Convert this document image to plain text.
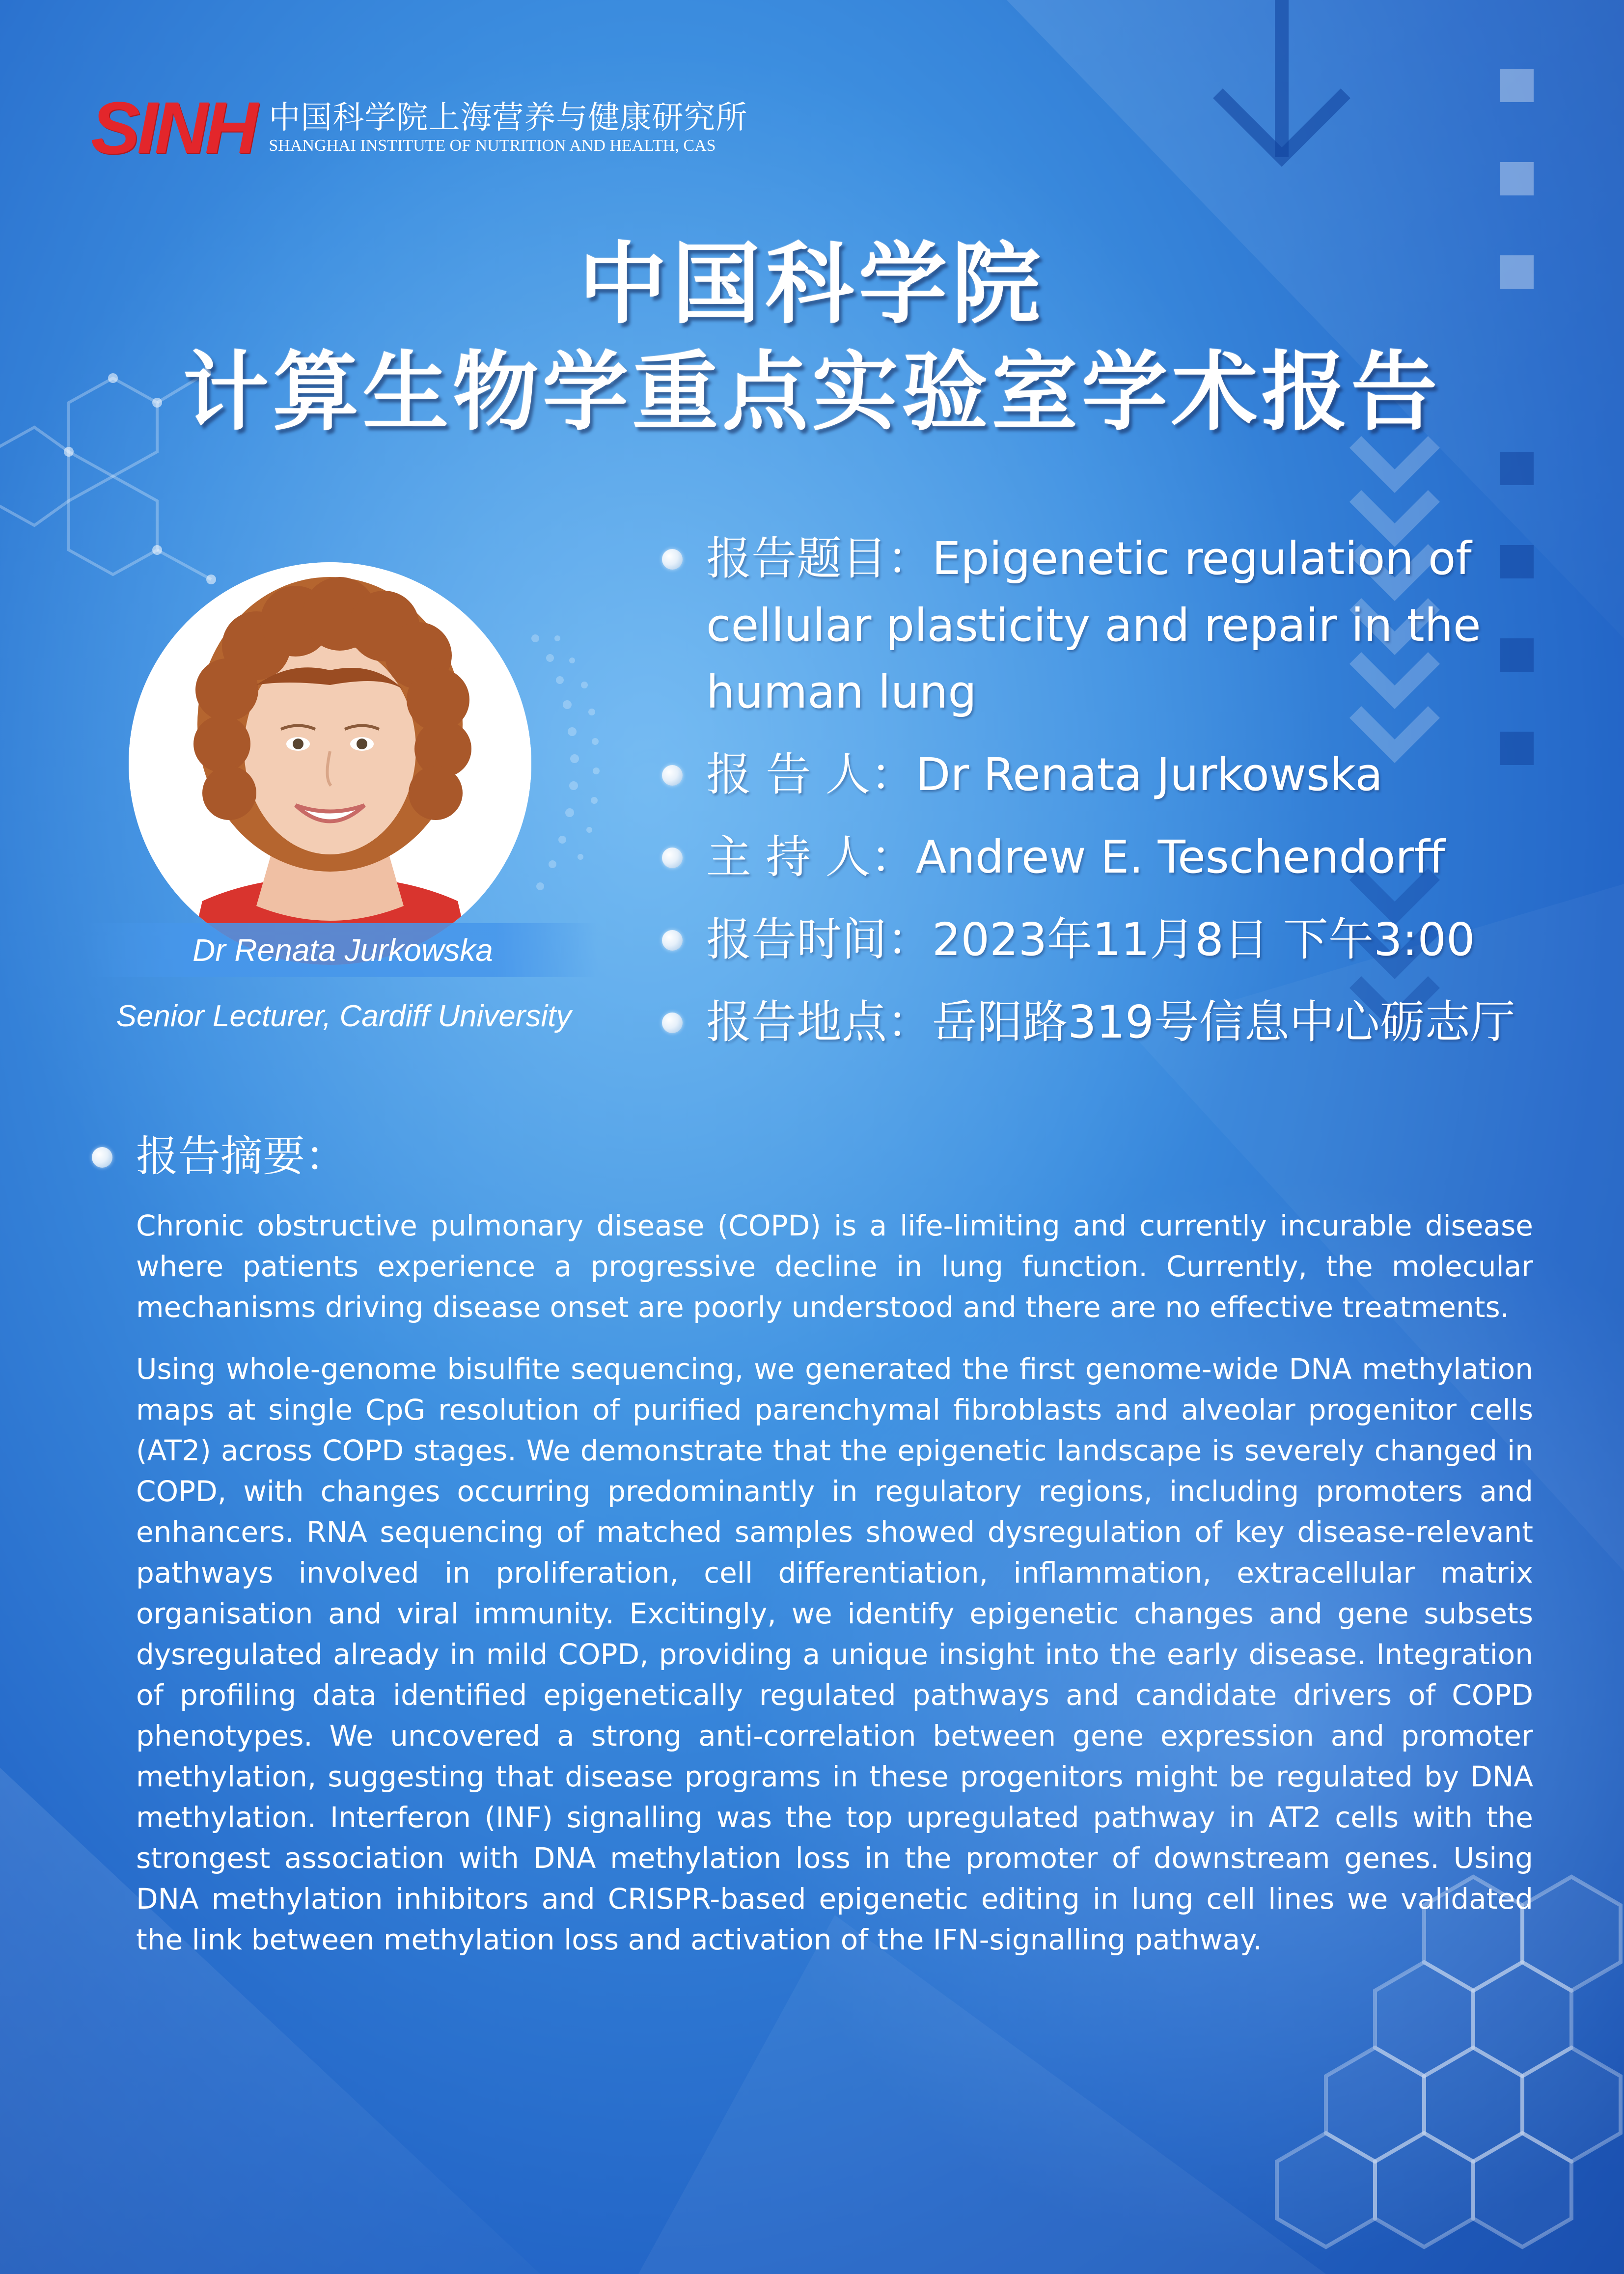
SINH 中国科学院上海营养与健康研究所
SHANGHAI INSTITUTE OF NUTRITION AND HEALTH, CAS
中国科学院
计算生物学重点实验室学术报告
Dr Renata Jurkowska
Senior Lecturer, Cardiff University
报告题目：Epigenetic regulation of cellular plasticity and repair in the human lung
报 告 人：Dr Renata Jurkowska
主 持 人：Andrew E. Teschendorff
报告时间：2023年11月8日 下午3:00
报告地点：岳阳路319号信息中心砺志厅
报告摘要：
Chronic obstructive pulmonary disease (COPD) is a life-limiting and currently incurable disease where patients experience a progressive decline in lung function. Currently, the molecular mechanisms driving disease onset are poorly understood and there are no effective treatments.
Using whole-genome bisulfite sequencing, we generated the first genome-wide DNA methylation maps at single CpG resolution of purified parenchymal fibroblasts and alveolar progenitor cells (AT2) across COPD stages. We demonstrate that the epigenetic landscape is severely changed in COPD, with changes occurring predominantly in regulatory regions, including promoters and enhancers. RNA sequencing of matched samples showed dysregulation of key disease-relevant pathways involved in proliferation, cell differentiation, inflammation, extracellular matrix organisation and viral immunity. Excitingly, we identify epigenetic changes and gene subsets dysregulated already in mild COPD, providing a unique insight into the early disease. Integration of profiling data identified epigenetically regulated pathways and candidate drivers of COPD phenotypes. We uncovered a strong anti-correlation between gene expression and promoter methylation, suggesting that disease programs in these progenitors might be regulated by DNA methylation. Interferon (INF) signalling was the top upregulated pathway in AT2 cells with the strongest association with DNA methylation loss in the promoter of downstream genes. Using DNA methylation inhibitors and CRISPR-based epigenetic editing in lung cell lines we validated the link between methylation loss and activation of the IFN-signalling pathway.
